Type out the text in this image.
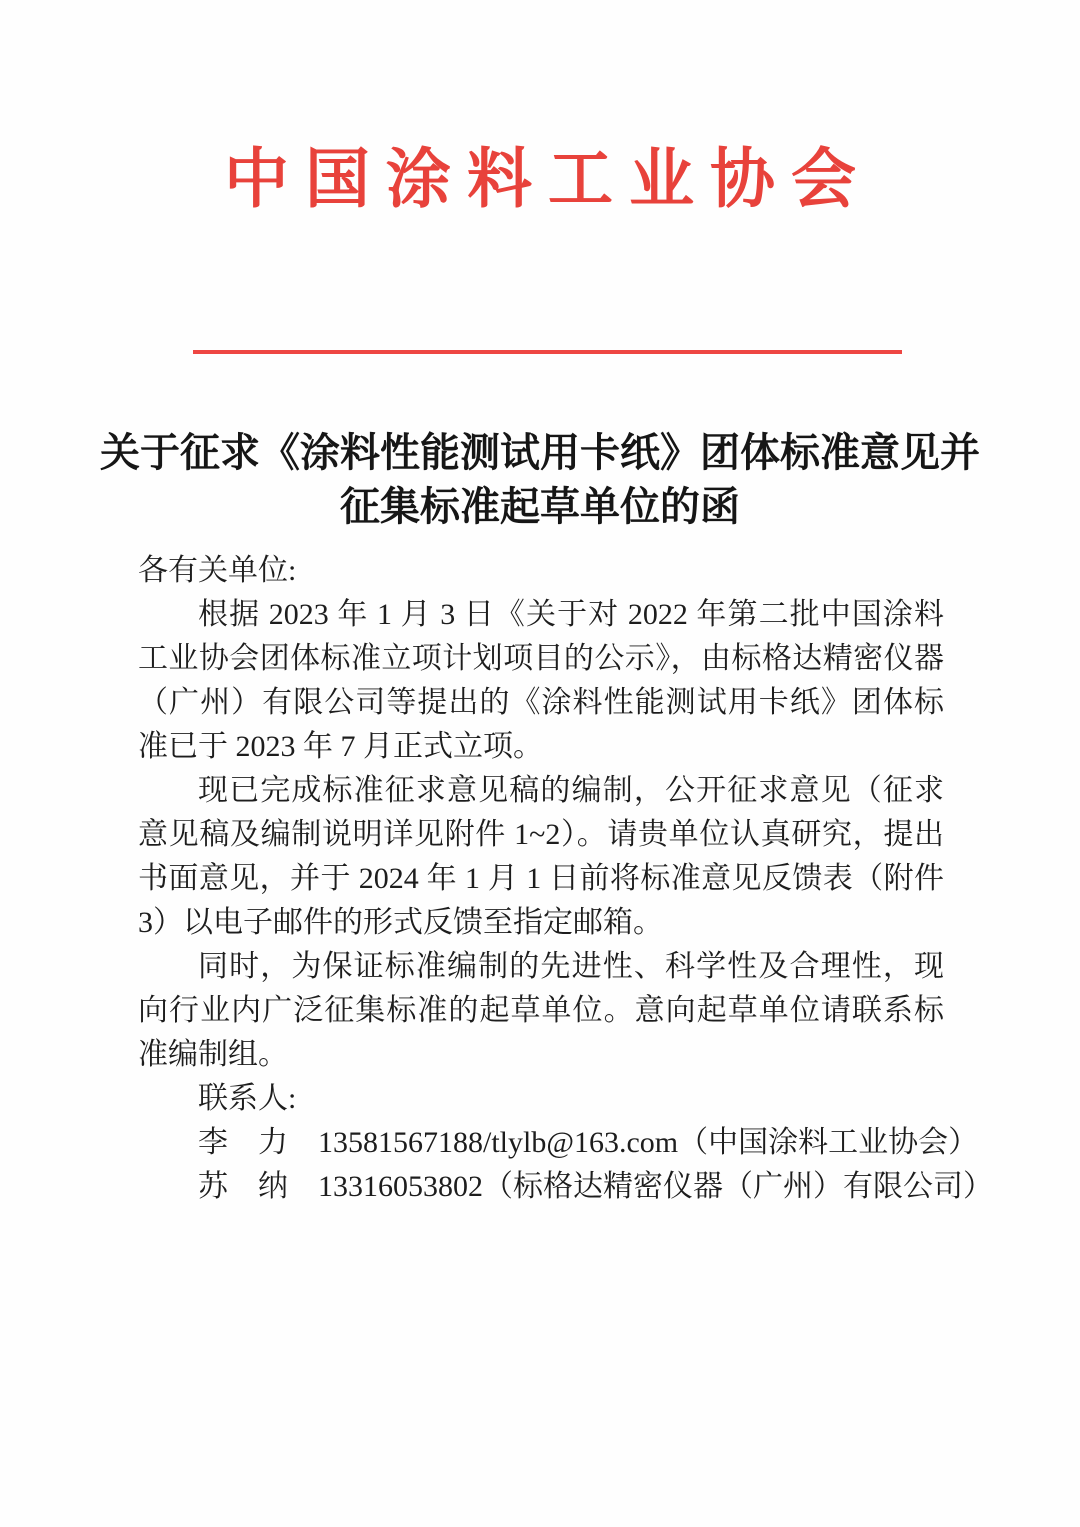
中国涂料工业协会
关于征求《涂料性能测试用卡纸》团体标准意见并
征集标准起草单位的函

各有关单位:

根据 2023 年 1 月 3 日《关于对 2022 年第二批中国涂料工业协会团体标准立项计划项目的公示》，由标格达精密仪器（广州）有限公司等提出的《涂料性能测试用卡纸》团体标准已于 2023 年 7 月正式立项。

现已完成标准征求意见稿的编制，公开征求意见（征求意见稿及编制说明详见附件 1~2）。请贵单位认真研究，提出书面意见，并于 2024 年 1 月 1 日前将标准意见反馈表（附件 3）以电子邮件的形式反馈至指定邮箱。

同时，为保证标准编制的先进性、科学性及合理性，现向行业内广泛征集标准的起草单位。意向起草单位请联系标准编制组。

联系人:

李　力 13581567188/tlylb@163.com（中国涂料工业协会）

苏　纳 13316053802（标格达精密仪器（广州）有限公司）
